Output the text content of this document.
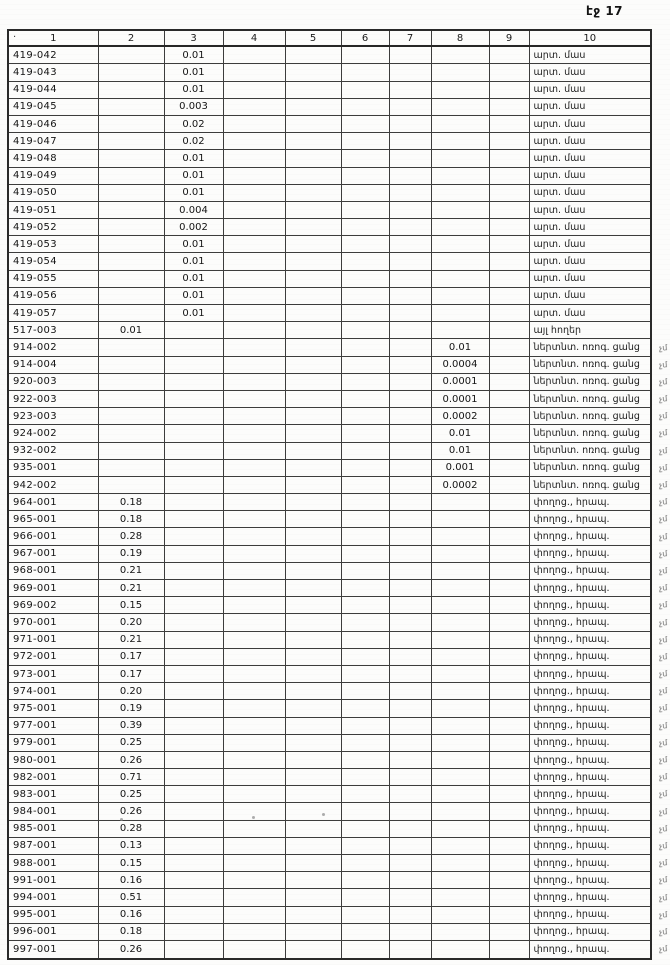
էջ 17
· 1	2	3	4	5	6	7	8	9	10
419-042		0.01							արտ. մաս
419-043		0.01							արտ. մաս
419-044		0.01							արտ. մաս
419-045		0.003							արտ. մաս
419-046		0.02							արտ. մաս
419-047		0.02							արտ. մաս
419-048		0.01							արտ. մաս
419-049		0.01							արտ. մաս
419-050		0.01							արտ. մաս
419-051		0.004							արտ. մաս
419-052		0.002							արտ. մաս
419-053		0.01							արտ. մաս
419-054		0.01							արտ. մաս
419-055		0.01							արտ. մաս
419-056		0.01							արտ. մաս
419-057		0.01							արտ. մաս
517-003	0.01								այլ հողեր
914-002							0.01		ներտնտ. ոռոգ. ցանց չմ

914-004							0.0004		ներտնտ. ոռոգ. ցանց չմ

920-003							0.0001		ներտնտ. ոռոգ. ցանց չմ

922-003							0.0001		ներտնտ. ոռոգ. ցանց չմ

923-003							0.0002		ներտնտ. ոռոգ. ցանց չմ

924-002							0.01		ներտնտ. ոռոգ. ցանց չմ

932-002							0.01		ներտնտ. ոռոգ. ցանց չմ

935-001							0.001		ներտնտ. ոռոգ. ցանց չմ

942-002							0.0002		ներտնտ. ոռոգ. ցանց չմ

964-001	0.18								փողոց., հրապ. չմ

965-001	0.18								փողոց., հրապ. չմ

966-001	0.28								փողոց., հրապ. չմ

967-001	0.19								փողոց., հրապ. չմ

968-001	0.21								փողոց., հրապ. չմ

969-001	0.21								փողոց., հրապ. չմ

969-002	0.15								փողոց., հրապ. չմ

970-001	0.20								փողոց., հրապ. չմ

971-001	0.21								փողոց., հրապ. չմ

972-001	0.17								փողոց., հրապ. չմ

973-001	0.17								փողոց., հրապ. չմ

974-001	0.20								փողոց., հրապ. չմ

975-001	0.19								փողոց., հրապ. չմ

977-001	0.39								փողոց., հրապ. չմ

979-001	0.25								փողոց., հրապ. չմ

980-001	0.26								փողոց., հրապ. չմ

982-001	0.71								փողոց., հրապ. չմ

983-001	0.25								փողոց., հրապ. չմ

984-001	0.26								փողոց., հրապ. չմ

985-001	0.28								փողոց., հրապ. չմ

987-001	0.13								փողոց., հրապ. չմ

988-001	0.15								փողոց., հրապ. չմ

991-001	0.16								փողոց., հրապ. չմ

994-001	0.51								փողոց., հրապ. չմ

995-001	0.16								փողոց., հրապ. չմ

996-001	0.18								փողոց., հրապ. չմ

997-001	0.26								փողոց., հրապ. չմ
